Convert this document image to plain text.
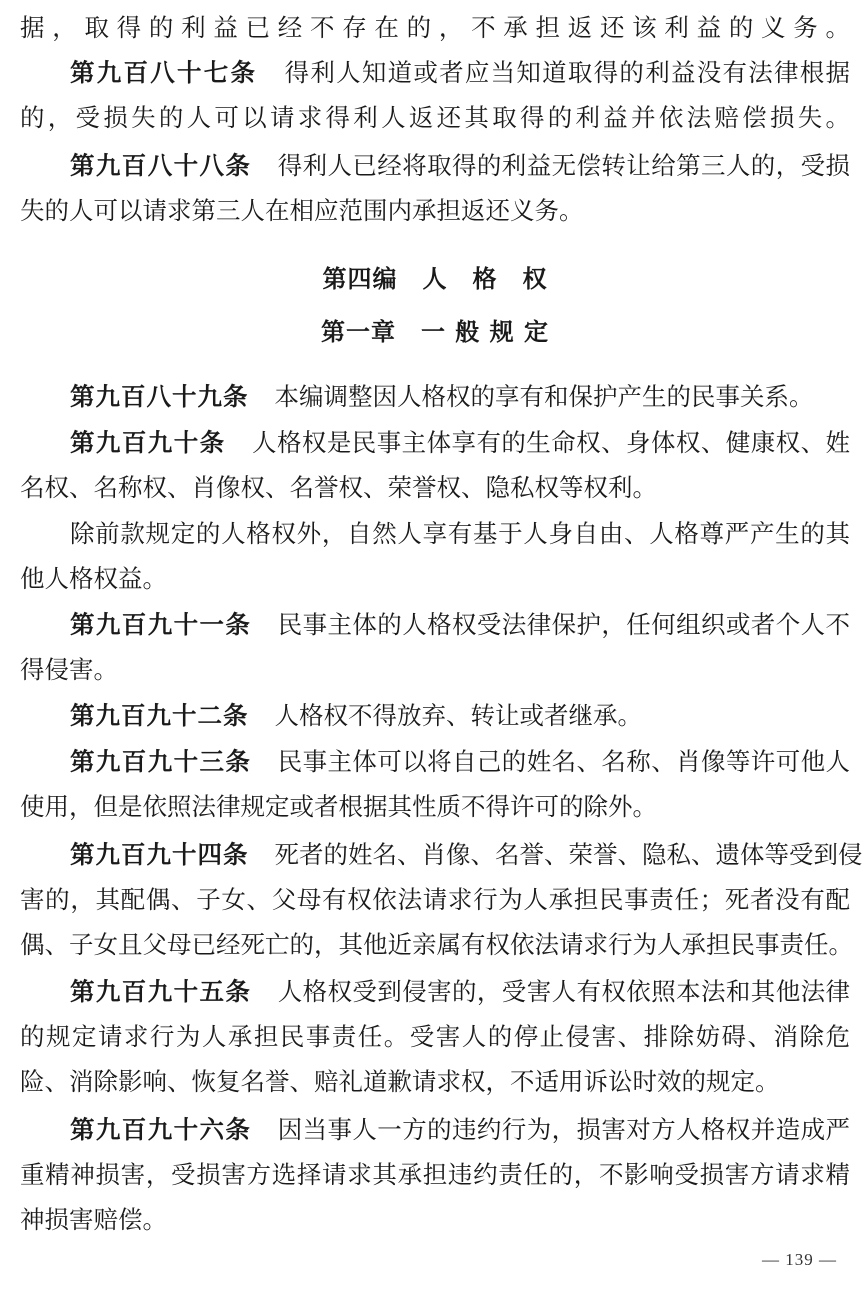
据，取得的利益已经不存在的，不承担返还该利益的义务。
第九百八十七条 得利人知道或者应当知道取得的利益没有法律根据
的，受损失的人可以请求得利人返还其取得的利益并依法赔偿损失。
第九百八十八条 得利人已经将取得的利益无偿转让给第三人的，受损
失的人可以请求第三人在相应范围内承担返还义务。
第四编　人　格　权
第一章　一 般 规 定
第九百八十九条 本编调整因人格权的享有和保护产生的民事关系。
第九百九十条 人格权是民事主体享有的生命权、身体权、健康权、姓
名权、名称权、肖像权、名誉权、荣誉权、隐私权等权利。
除前款规定的人格权外，自然人享有基于人身自由、人格尊严产生的其
他人格权益。
第九百九十一条 民事主体的人格权受法律保护，任何组织或者个人不
得侵害。
第九百九十二条 人格权不得放弃、转让或者继承。
第九百九十三条 民事主体可以将自己的姓名、名称、肖像等许可他人
使用，但是依照法律规定或者根据其性质不得许可的除外。
第九百九十四条 死者的姓名、肖像、名誉、荣誉、隐私、遗体等受到侵
害的，其配偶、子女、父母有权依法请求行为人承担民事责任；死者没有配
偶、子女且父母已经死亡的，其他近亲属有权依法请求行为人承担民事责任。
第九百九十五条 人格权受到侵害的，受害人有权依照本法和其他法律
的规定请求行为人承担民事责任。受害人的停止侵害、排除妨碍、消除危
险、消除影响、恢复名誉、赔礼道歉请求权，不适用诉讼时效的规定。
第九百九十六条 因当事人一方的违约行为，损害对方人格权并造成严
重精神损害，受损害方选择请求其承担违约责任的，不影响受损害方请求精
神损害赔偿。
— 139 —
